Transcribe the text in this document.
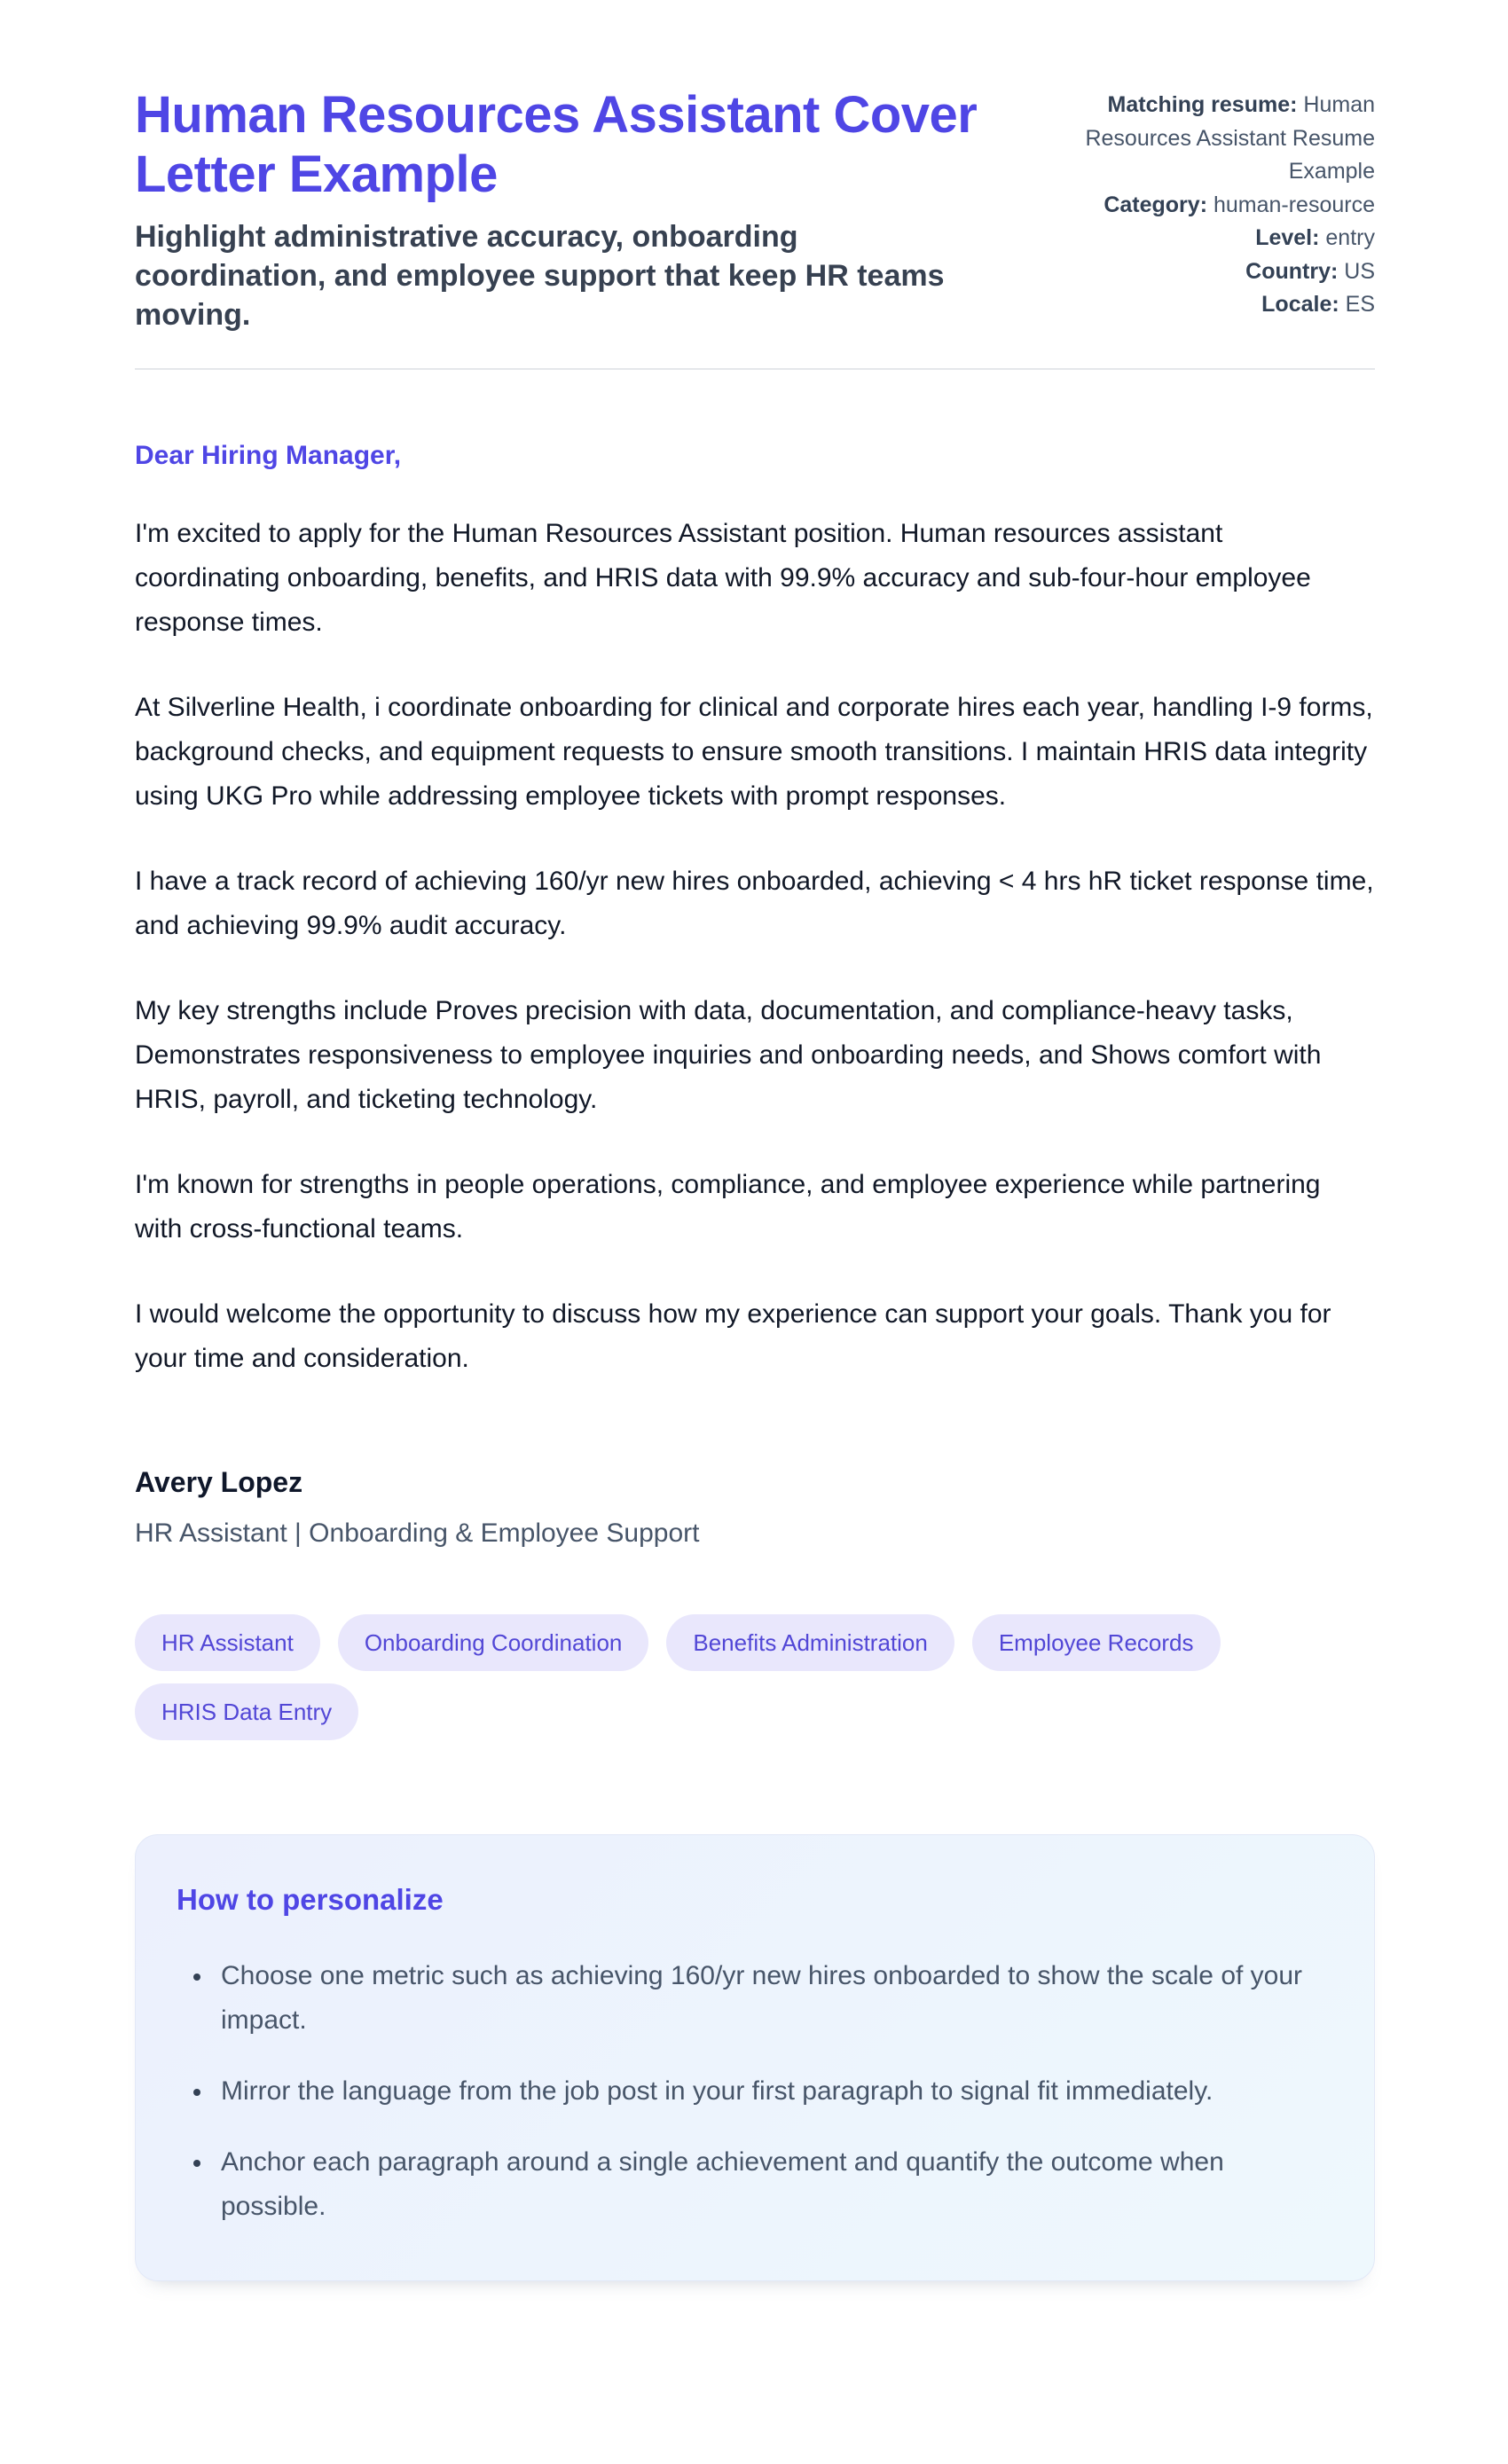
Human Resources Assistant Cover Letter Example

Highlight administrative accuracy, onboarding coordination, and employee support that keep HR teams moving.

Matching resume: Human Resources Assistant Resume Example
Category: human-resource
Level: entry
Country: US
Locale: ES

Dear Hiring Manager,

I'm excited to apply for the Human Resources Assistant position. Human resources assistant coordinating onboarding, benefits, and HRIS data with 99.9% accuracy and sub-four-hour employee response times.

At Silverline Health, i coordinate onboarding for clinical and corporate hires each year, handling I-9 forms, background checks, and equipment requests to ensure smooth transitions. I maintain HRIS data integrity using UKG Pro while addressing employee tickets with prompt responses.

I have a track record of achieving 160/yr new hires onboarded, achieving < 4 hrs hR ticket response time, and achieving 99.9% audit accuracy.

My key strengths include Proves precision with data, documentation, and compliance-heavy tasks, Demonstrates responsiveness to employee inquiries and onboarding needs, and Shows comfort with HRIS, payroll, and ticketing technology.

I'm known for strengths in people operations, compliance, and employee experience while partnering with cross-functional teams.

I would welcome the opportunity to discuss how my experience can support your goals. Thank you for your time and consideration.

Avery Lopez

HR Assistant | Onboarding & Employee Support

HR Assistant	Onboarding Coordination	Benefits Administration	Employee Records
HRIS Data Entry
How to personalize
• Choose one metric such as achieving 160/yr new hires onboarded to show the scale of your impact.
• Mirror the language from the job post in your first paragraph to signal fit immediately.
• Anchor each paragraph around a single achievement and quantify the outcome when possible.
